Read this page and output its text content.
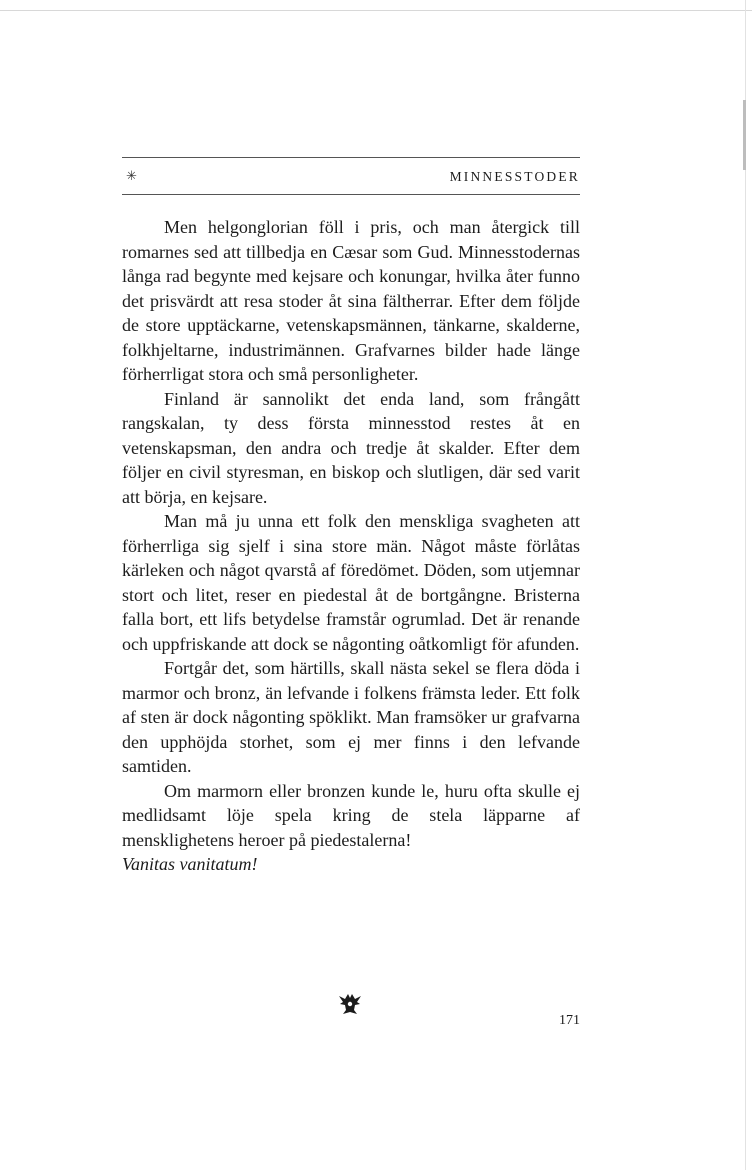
✳	MINNESSTODER

Men helgonglorian föll i pris, och man återgick till romarnes sed att tillbedja en Cæsar som Gud. Minnesstodernas långa rad begynte med kejsare och konungar, hvilka åter funno det prisvärdt att resa stoder åt sina fältherrar. Efter dem följde de store upptäckarne, vetenskapsmännen, tänkarne, skalderne, folkhjeltarne, industrimännen. Grafvarnes bilder hade länge förherrligat stora och små personligheter.

Finland är sannolikt det enda land, som frångått rangskalan, ty dess första minnesstod restes åt en vetenskapsman, den andra och tredje åt skalder. Efter dem följer en civil styresman, en biskop och slutligen, där sed varit att börja, en kejsare.

Man må ju unna ett folk den menskliga svagheten att förherrliga sig sjelf i sina store män. Något måste förlåtas kärleken och något qvarstå af föredömet. Döden, som utjemnar stort och litet, reser en piedestal åt de bortgångne. Bristerna falla bort, ett lifs betydelse framstår ogrumlad. Det är renande och uppfriskande att dock se någonting oåtkomligt för afunden.

Fortgår det, som härtills, skall nästa sekel se flera döda i marmor och bronz, än lefvande i folkens främsta leder. Ett folk af sten är dock någonting spöklikt. Man framsöker ur grafvarna den upphöjda storhet, som ej mer finns i den lefvande samtiden.

Om marmorn eller bronzen kunde le, huru ofta skulle ej medlidsamt löje spela kring de stela läpparne af mensklighetens heroer på piedestalerna!

Vanitas vanitatum!

171
